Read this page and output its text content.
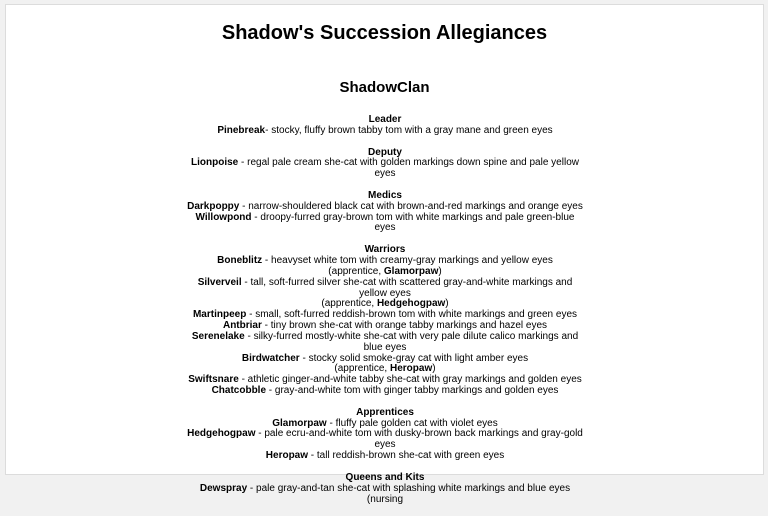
Shadow's Succession Allegiances
ShadowClan
Leader
Pinebreak- stocky, fluffy brown tabby tom with a gray mane and green eyes
Deputy
Lionpoise - regal pale cream she-cat with golden markings down spine and pale yellow eyes
Medics
Darkpoppy - narrow-shouldered black cat with brown-and-red markings and orange eyes
Willowpond - droopy-furred gray-brown tom with white markings and pale green-blue eyes
Warriors
Boneblitz - heavyset white tom with creamy-gray markings and yellow eyes
(apprentice, Glamorpaw)
Silverveil - tall, soft-furred silver she-cat with scattered gray-and-white markings and yellow eyes
(apprentice, Hedgehogpaw)
Martinpeep - small, soft-furred reddish-brown tom with white markings and green eyes
Antbriar - tiny brown she-cat with orange tabby markings and hazel eyes
Serenelake - silky-furred mostly-white she-cat with very pale dilute calico markings and blue eyes
Birdwatcher - stocky solid smoke-gray cat with light amber eyes
(apprentice, Heropaw)
Swiftsnare - athletic ginger-and-white tabby she-cat with gray markings and golden eyes
Chatcobble - gray-and-white tom with ginger tabby markings and golden eyes
Apprentices
Glamorpaw - fluffy pale golden cat with violet eyes
Hedgehogpaw - pale ecru-and-white tom with dusky-brown back markings and gray-gold eyes
Heropaw - tall reddish-brown she-cat with green eyes
Queens and Kits
Dewspray - pale gray-and-tan she-cat with splashing white markings and blue eyes (nursing
